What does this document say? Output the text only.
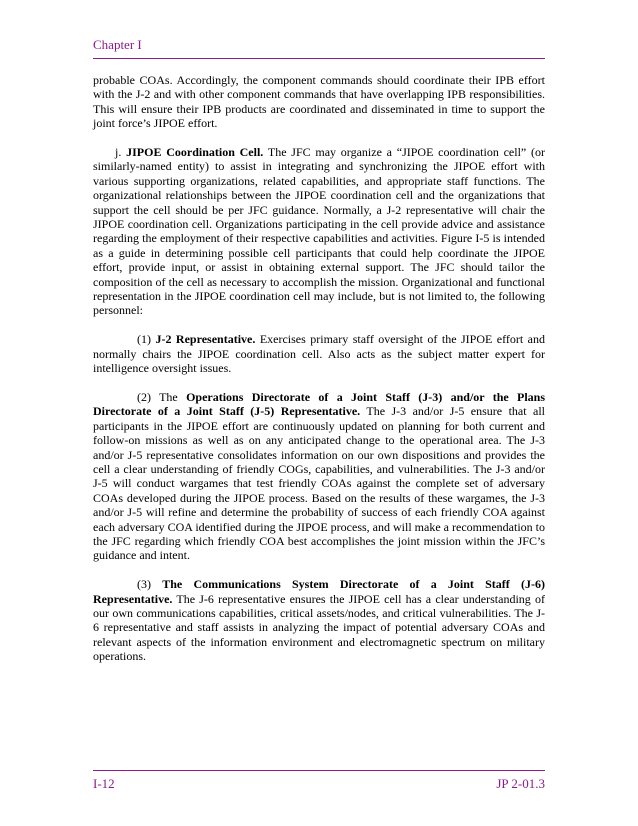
Chapter I

probable COAs. Accordingly, the component commands should coordinate their IPB effort with the J-2 and with other component commands that have overlapping IPB responsibilities. This will ensure their IPB products are coordinated and disseminated in time to support the joint force’s JIPOE effort.

j. JIPOE Coordination Cell. The JFC may organize a “JIPOE coordination cell” (or similarly-named entity) to assist in integrating and synchronizing the JIPOE effort with various supporting organizations, related capabilities, and appropriate staff functions. The organizational relationships between the JIPOE coordination cell and the organizations that support the cell should be per JFC guidance. Normally, a J-2 representative will chair the JIPOE coordination cell. Organizations participating in the cell provide advice and assistance regarding the employment of their respective capabilities and activities. Figure I-5 is intended as a guide in determining possible cell participants that could help coordinate the JIPOE effort, provide input, or assist in obtaining external support. The JFC should tailor the composition of the cell as necessary to accomplish the mission. Organizational and functional representation in the JIPOE coordination cell may include, but is not limited to, the following personnel:

(1) J-2 Representative. Exercises primary staff oversight of the JIPOE effort and normally chairs the JIPOE coordination cell. Also acts as the subject matter expert for intelligence oversight issues.

(2) The Operations Directorate of a Joint Staff (J-3) and/or the Plans Directorate of a Joint Staff (J-5) Representative. The J-3 and/or J-5 ensure that all participants in the JIPOE effort are continuously updated on planning for both current and follow-on missions as well as on any anticipated change to the operational area. The J-3 and/or J-5 representative consolidates information on our own dispositions and provides the cell a clear understanding of friendly COGs, capabilities, and vulnerabilities. The J-3 and/or J-5 will conduct wargames that test friendly COAs against the complete set of adversary COAs developed during the JIPOE process. Based on the results of these wargames, the J-3 and/or J-5 will refine and determine the probability of success of each friendly COA against each adversary COA identified during the JIPOE process, and will make a recommendation to the JFC regarding which friendly COA best accomplishes the joint mission within the JFC’s guidance and intent.

(3) The Communications System Directorate of a Joint Staff (J-6) Representative. The J-6 representative ensures the JIPOE cell has a clear understanding of our own communications capabilities, critical assets/nodes, and critical vulnerabilities. The J-6 representative and staff assists in analyzing the impact of potential adversary COAs and relevant aspects of the information environment and electromagnetic spectrum on military operations.

I-12	JP 2-01.3
